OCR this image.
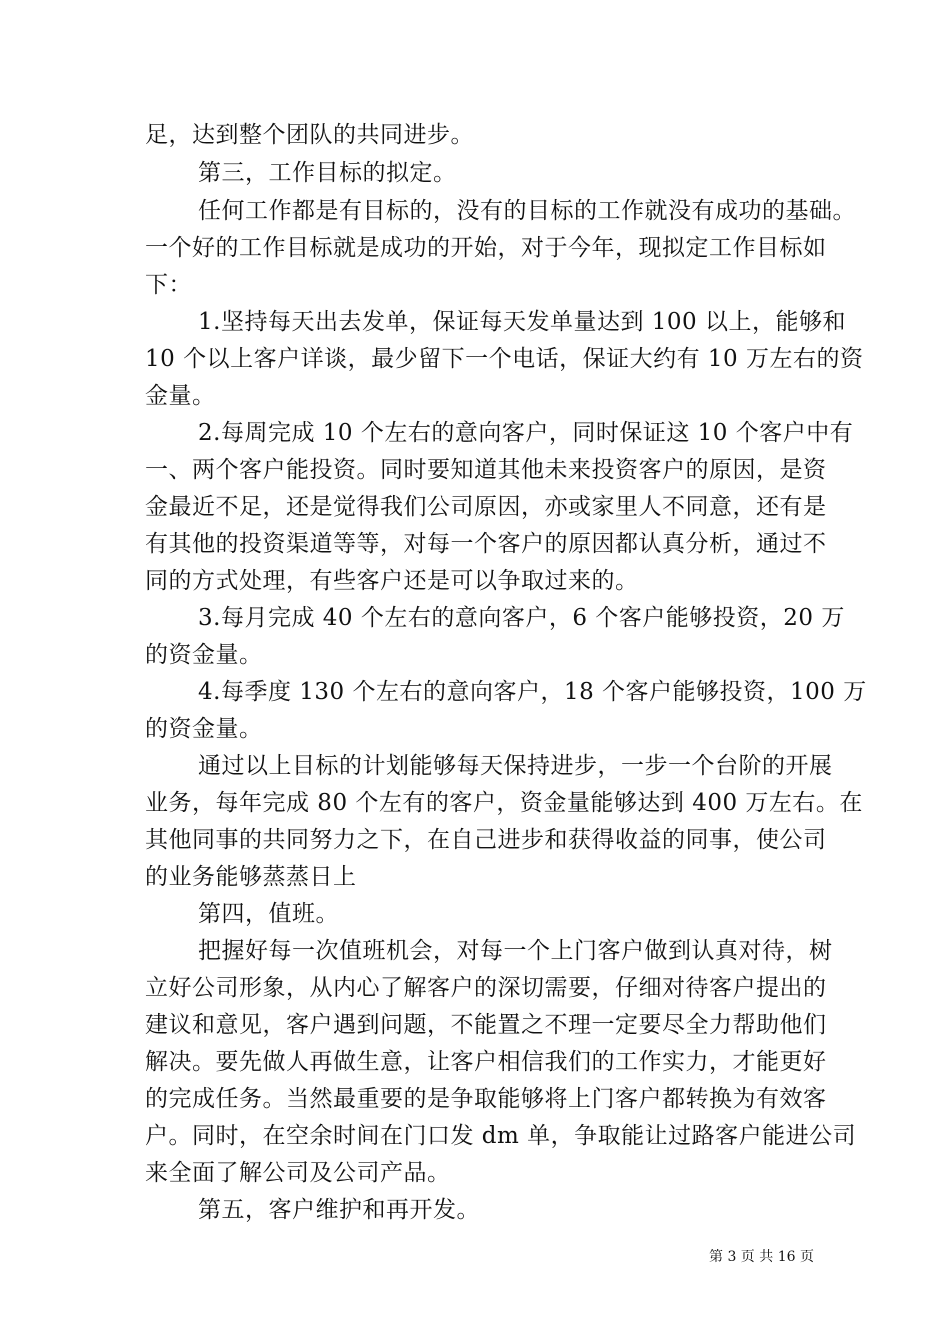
足，达到整个团队的共同进步。
第三，工作目标的拟定。
任何工作都是有目标的，没有的目标的工作就没有成功的基础。
一个好的工作目标就是成功的开始，对于今年，现拟定工作目标如
下：
1.坚持每天出去发单，保证每天发单量达到 100 以上，能够和
10 个以上客户详谈，最少留下一个电话，保证大约有 10 万左右的资
金量。
2.每周完成 10 个左右的意向客户，同时保证这 10 个客户中有
一、两个客户能投资。同时要知道其他未来投资客户的原因，是资
金最近不足，还是觉得我们公司原因，亦或家里人不同意，还有是
有其他的投资渠道等等，对每一个客户的原因都认真分析，通过不
同的方式处理，有些客户还是可以争取过来的。
3.每月完成 40 个左右的意向客户，6 个客户能够投资，20 万
的资金量。
4.每季度 130 个左右的意向客户，18 个客户能够投资，100 万
的资金量。
通过以上目标的计划能够每天保持进步，一步一个台阶的开展
业务，每年完成 80 个左有的客户，资金量能够达到 400 万左右。在
其他同事的共同努力之下，在自己进步和获得收益的同事，使公司
的业务能够蒸蒸日上
第四，值班。
把握好每一次值班机会，对每一个上门客户做到认真对待，树
立好公司形象，从内心了解客户的深切需要，仔细对待客户提出的
建议和意见，客户遇到问题，不能置之不理一定要尽全力帮助他们
解决。要先做人再做生意，让客户相信我们的工作实力，才能更好
的完成任务。当然最重要的是争取能够将上门客户都转换为有效客
户。同时，在空余时间在门口发 dm 单，争取能让过路客户能进公司
来全面了解公司及公司产品。
第五，客户维护和再开发。
第 3 页 共 16 页
